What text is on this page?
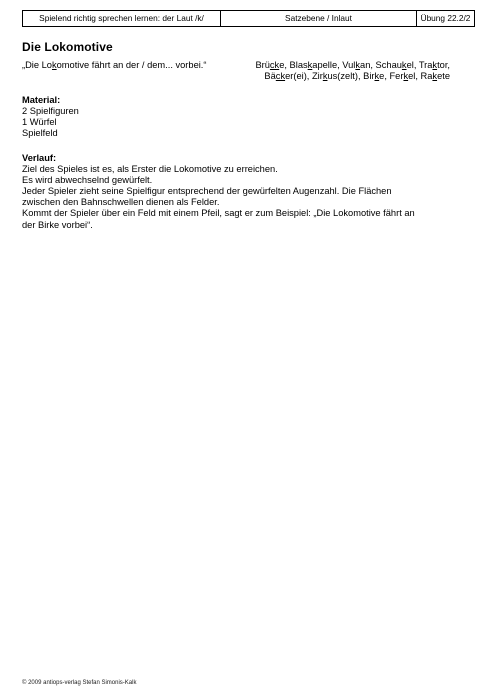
Spielend richtig sprechen lernen: der Laut /k/	Satzebene / Inlaut	Übung 22.2/2
Die Lokomotive
„Die Lokomotive fährt an der / dem... vorbei.“	Brücke, Blaskapelle, Vulkan, Schaukel, Traktor,
Bäcker(ei), Zirkus(zelt), Birke, Ferkel, Rakete
Material:
2 Spielfiguren
1 Würfel
Spielfeld
Verlauf:
Ziel des Spieles ist es, als Erster die Lokomotive zu erreichen.
Es wird abwechselnd gewürfelt.
Jeder Spieler zieht seine Spielfigur entsprechend der gewürfelten Augenzahl. Die Flächen
zwischen den Bahnschwellen dienen als Felder.
Kommt der Spieler über ein Feld mit einem Pfeil, sagt er zum Beispiel: „Die Lokomotive fährt an
der Birke vorbei“.
© 2009 antiops-verlag Stefan Simonis-Kalk
